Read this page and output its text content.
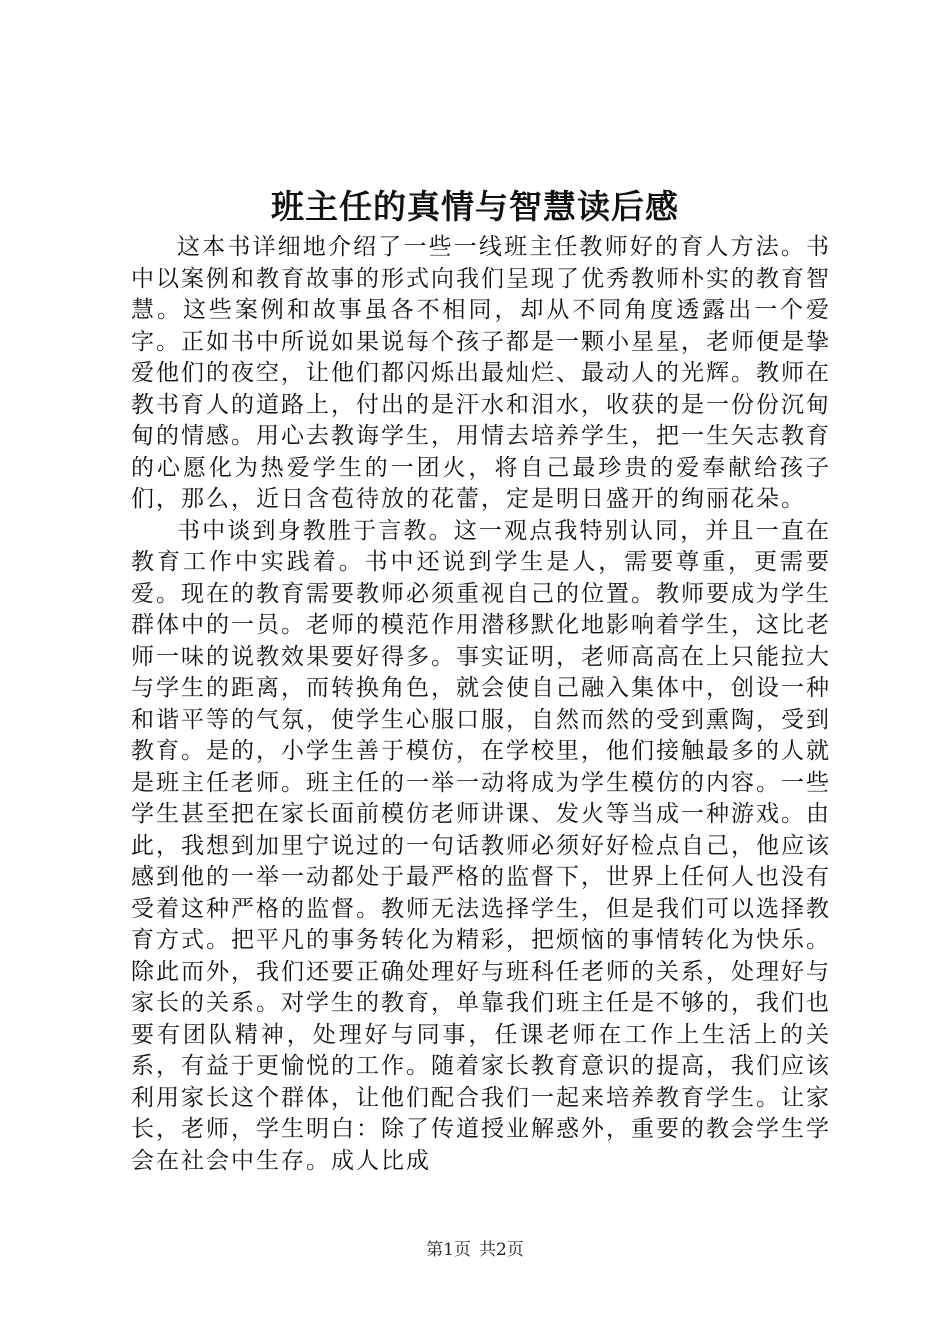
班主任的真情与智慧读后感

这本书详细地介绍了一些一线班主任教师好的育人方法。书中以案例和教育故事的形式向我们呈现了优秀教师朴实的教育智慧。这些案例和故事虽各不相同，却从不同角度透露出一个爱字。正如书中所说如果说每个孩子都是一颗小星星，老师便是挚爱他们的夜空，让他们都闪烁出最灿烂、最动人的光辉。教师在教书育人的道路上，付出的是汗水和泪水，收获的是一份份沉甸甸的情感。用心去教诲学生，用情去培养学生，把一生矢志教育的心愿化为热爱学生的一团火，将自己最珍贵的爱奉献给孩子们，那么，近日含苞待放的花蕾，定是明日盛开的绚丽花朵。

书中谈到身教胜于言教。这一观点我特别认同，并且一直在教育工作中实践着。书中还说到学生是人，需要尊重，更需要爱。现在的教育需要教师必须重视自己的位置。教师要成为学生群体中的一员。老师的模范作用潜移默化地影响着学生，这比老师一味的说教效果要好得多。事实证明，老师高高在上只能拉大与学生的距离，而转换角色，就会使自己融入集体中，创设一种和谐平等的气氛，使学生心服口服，自然而然的受到熏陶，受到教育。是的，小学生善于模仿，在学校里，他们接触最多的人就是班主任老师。班主任的一举一动将成为学生模仿的内容。一些学生甚至把在家长面前模仿老师讲课、发火等当成一种游戏。由此，我想到加里宁说过的一句话教师必须好好检点自己，他应该感到他的一举一动都处于最严格的监督下，世界上任何人也没有受着这种严格的监督。教师无法选择学生，但是我们可以选择教育方式。把平凡的事务转化为精彩，把烦恼的事情转化为快乐。除此而外，我们还要正确处理好与班科任老师的关系，处理好与家长的关系。对学生的教育，单靠我们班主任是不够的，我们也要有团队精神，处理好与同事，任课老师在工作上生活上的关系，有益于更愉悦的工作。随着家长教育意识的提高，我们应该利用家长这个群体，让他们配合我们一起来培养教育学生。让家长，老师，学生明白：除了传道授业解惑外，重要的教会学生学会在社会中生存。成人比成

第1页 共2页
